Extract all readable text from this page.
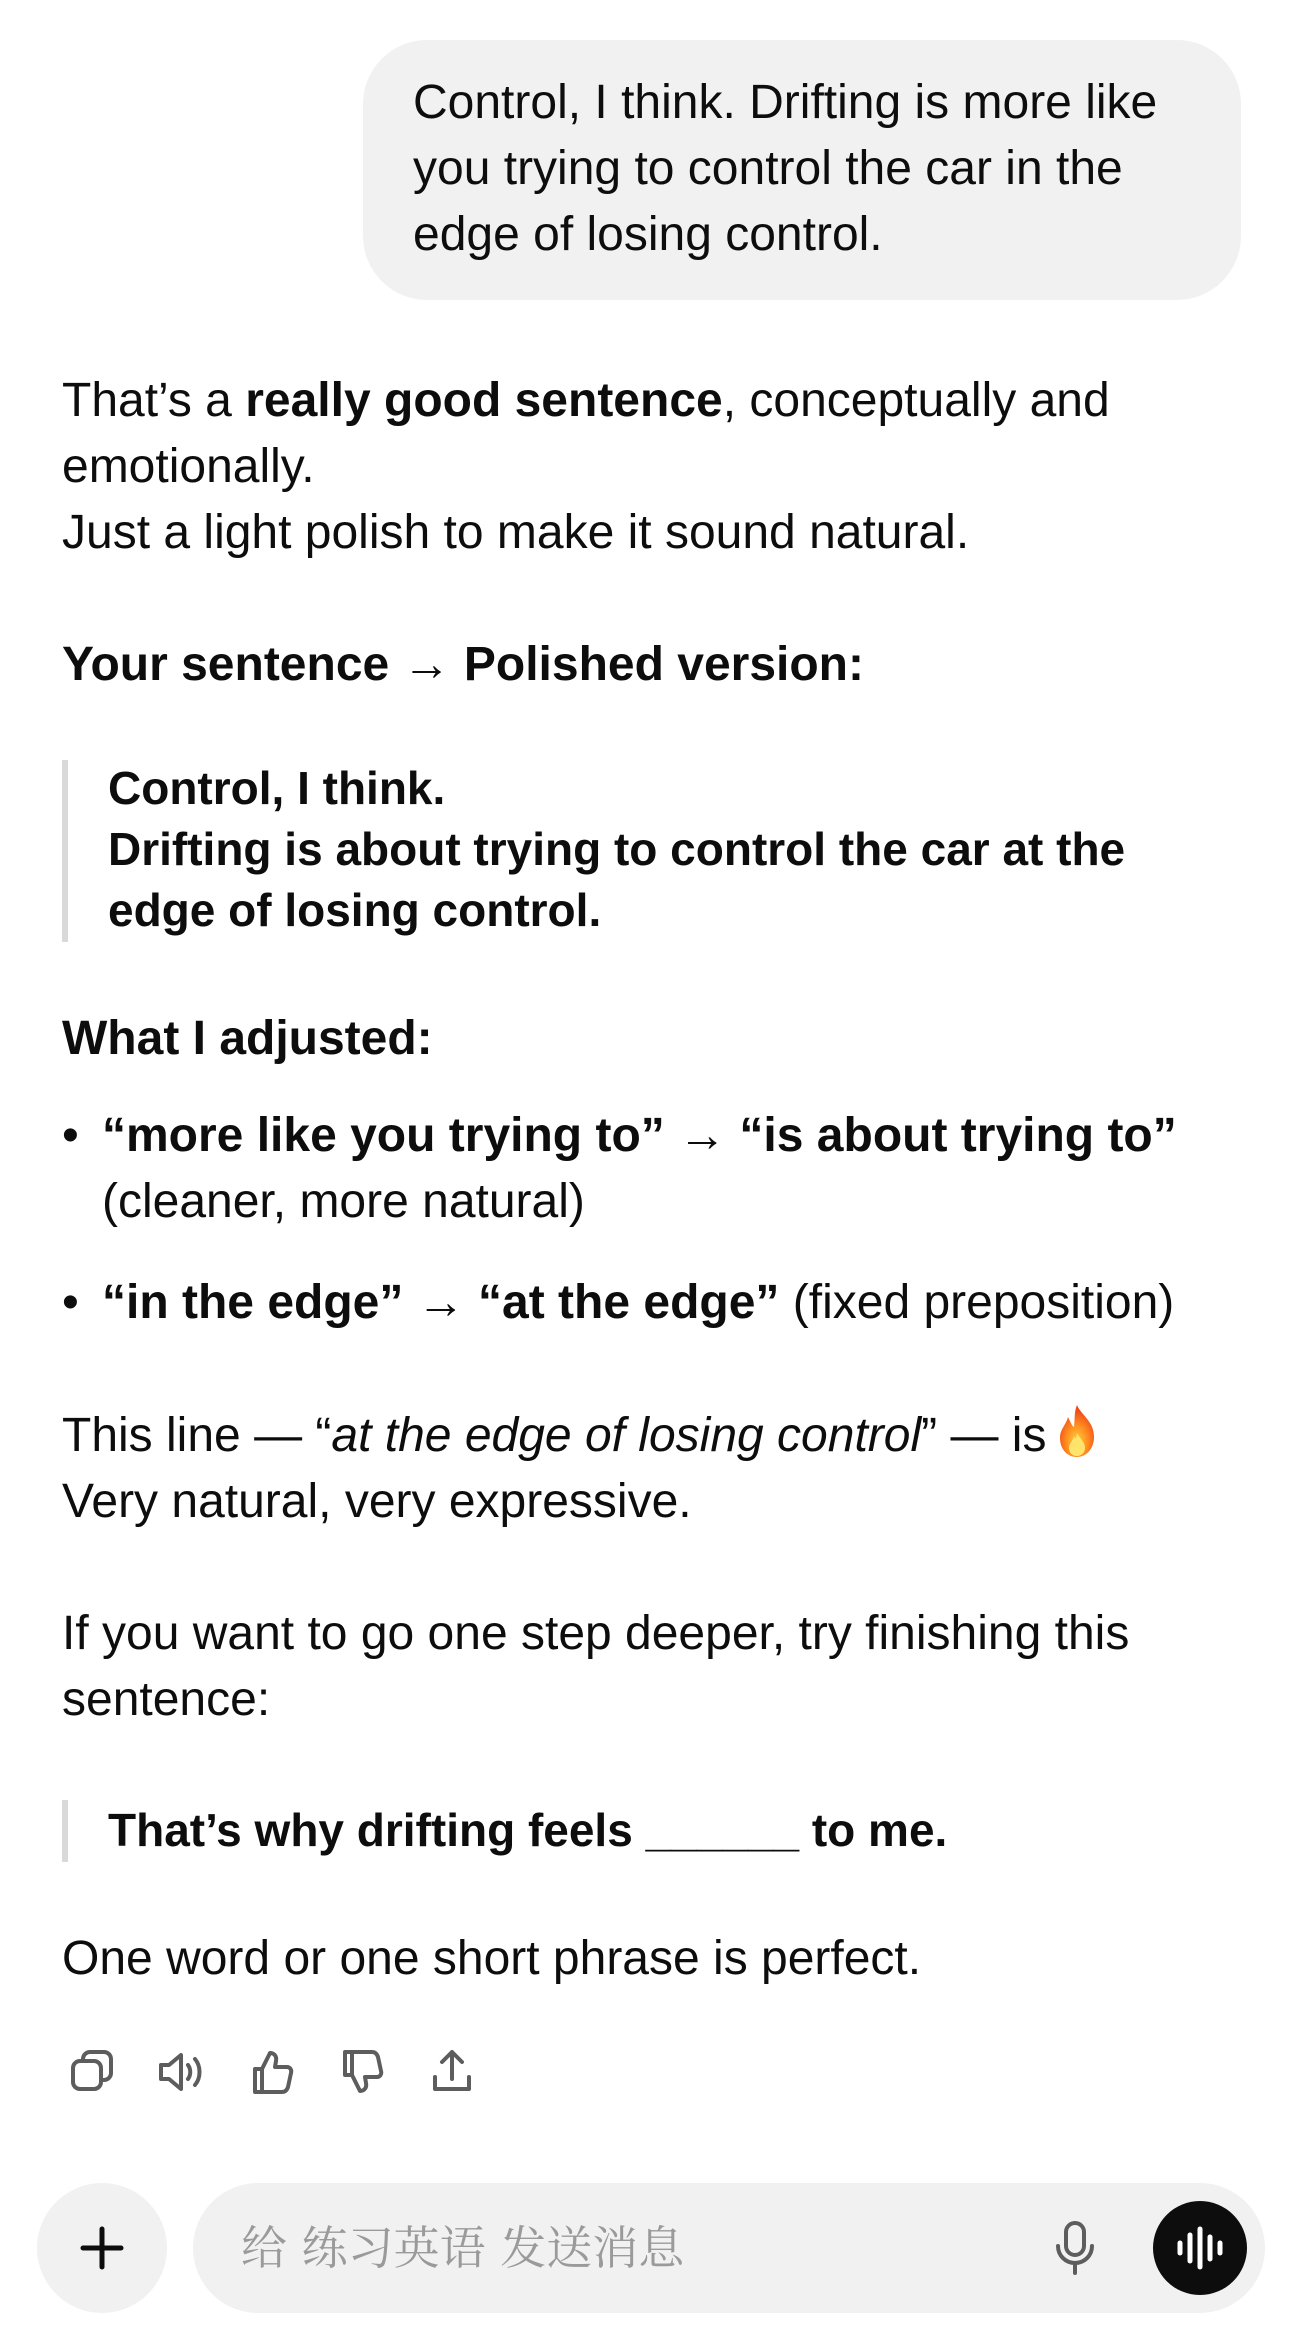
Control, I think. Drifting is more like
you trying to control the car in the
edge of losing control.
That’s a really good sentence, conceptually and
emotionally.
Just a light polish to make it sound natural.
Your sentence → Polished version:
Control, I think.
Drifting is about trying to control the car at the
edge of losing control.
What I adjusted:
• “more like you trying to” → “is about trying to”
(cleaner, more natural)
• “in the edge” → “at the edge” (fixed preposition)
This line — “at the edge of losing control” — is
Very natural, very expressive.
If you want to go one step deeper, try finishing this
sentence:
That’s why drifting feels ______ to me.
One word or one short phrase is perfect.
给 练习英语 发送消息
